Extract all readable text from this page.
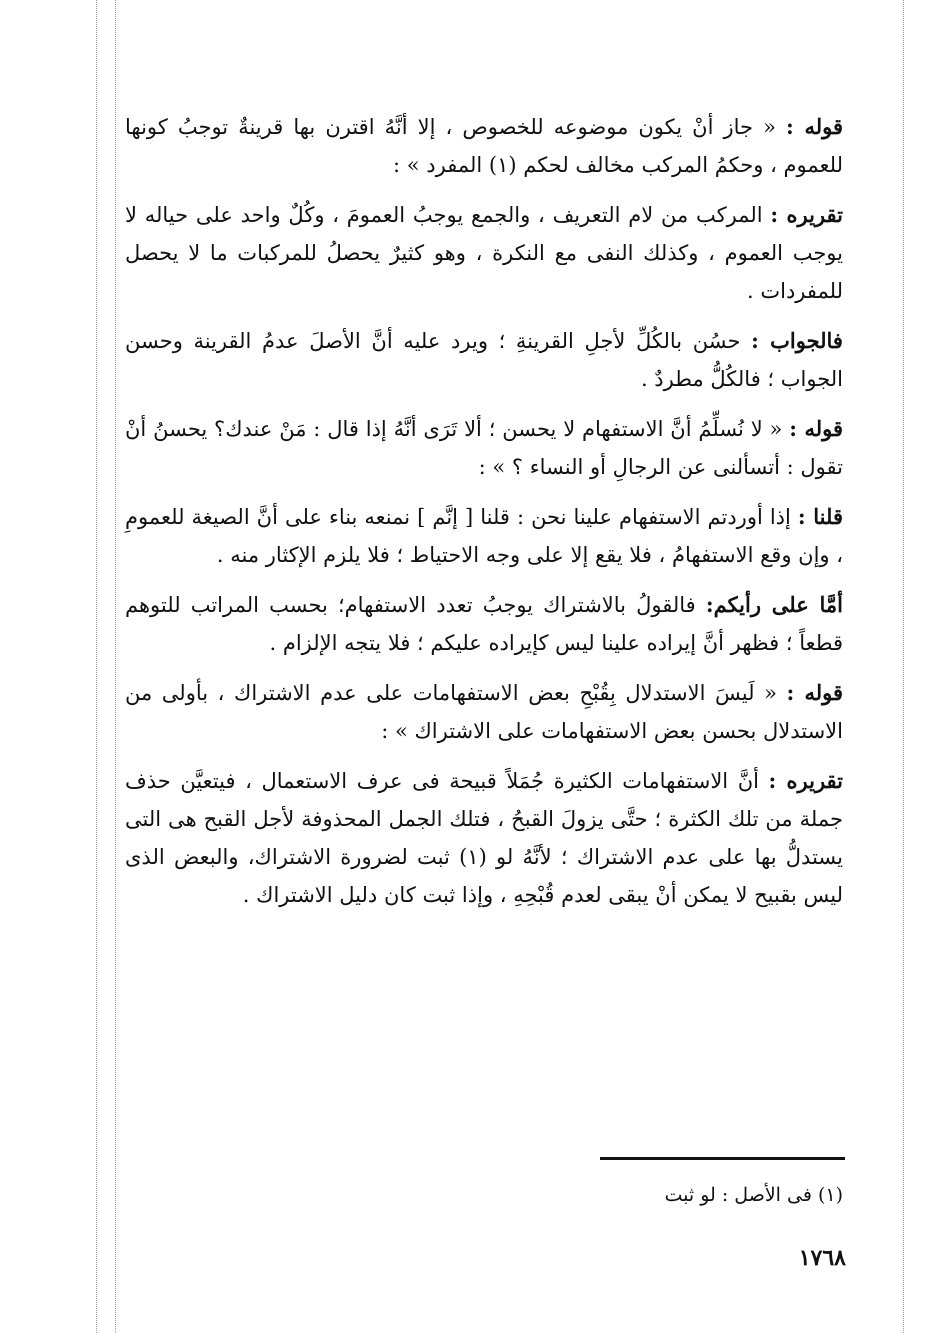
قوله : « جاز أنْ يكون موضوعه للخصوص ، إلا أنَّهُ اقترن بها قرينةٌ توجبُ كونها للعموم ، وحكمُ المركب مخالف لحكم (١) المفرد » :

تقريره : المركب من لام التعريف ، والجمع يوجبُ العمومَ ، وكُلٌ واحد على حياله لا يوجب العموم ، وكذلك النفى مع النكرة ، وهو كثيرٌ يحصلُ للمركبات ما لا يحصل للمفردات .

فالجواب : حسُن بالكُلِّ لأجلِ القرينةِ ؛ ويرد عليه أنَّ الأصلَ عدمُ القرينة وحسن الجواب ؛ فالكُلُّ مطردٌ .

قوله : « لا نُسلِّمُ أنَّ الاستفهام لا يحسن ؛ ألا تَرَى أنَّهُ إذا قال : مَنْ عندك؟ يحسنُ أنْ تقول : أتسألنى عن الرجالِ أو النساء ؟ » :

قلنا : إذا أوردتم الاستفهام علينا نحن : قلنا [ إنَّم ] نمنعه بناء على أنَّ الصيغة للعمومِ ، وإن وقع الاستفهامُ ، فلا يقع إلا على وجه الاحتياط ؛ فلا يلزم الإكثار منه .

أمَّا على رأيكم: فالقولُ بالاشتراك يوجبُ تعدد الاستفهام؛ بحسب المراتب للتوهم قطعاً ؛ فظهر أنَّ إيراده علينا ليس كإيراده عليكم ؛ فلا يتجه الإلزام .

قوله : « لَيسَ الاستدلال بِقُبْحِ بعض الاستفهامات على عدم الاشتراك ، بأولى من الاستدلال بحسن بعض الاستفهامات على الاشتراك » :

تقريره : أنَّ الاستفهامات الكثيرة جُمَلاً قبيحة فى عرف الاستعمال ، فيتعيَّن حذف جملة من تلك الكثرة ؛ حتَّى يزولَ القبحُ ، فتلك الجمل المحذوفة لأجل القبح هى التى يستدلُّ بها على عدم الاشتراك ؛ لأنَّهُ لو (١) ثبت لضرورة الاشتراك، والبعض الذى ليس بقبيح لا يمكن أنْ يبقى لعدم قُبْحِهِ ، وإذا ثبت كان دليل الاشتراك .

(١) فى الأصل : لو ثبت
١٧٦٨
